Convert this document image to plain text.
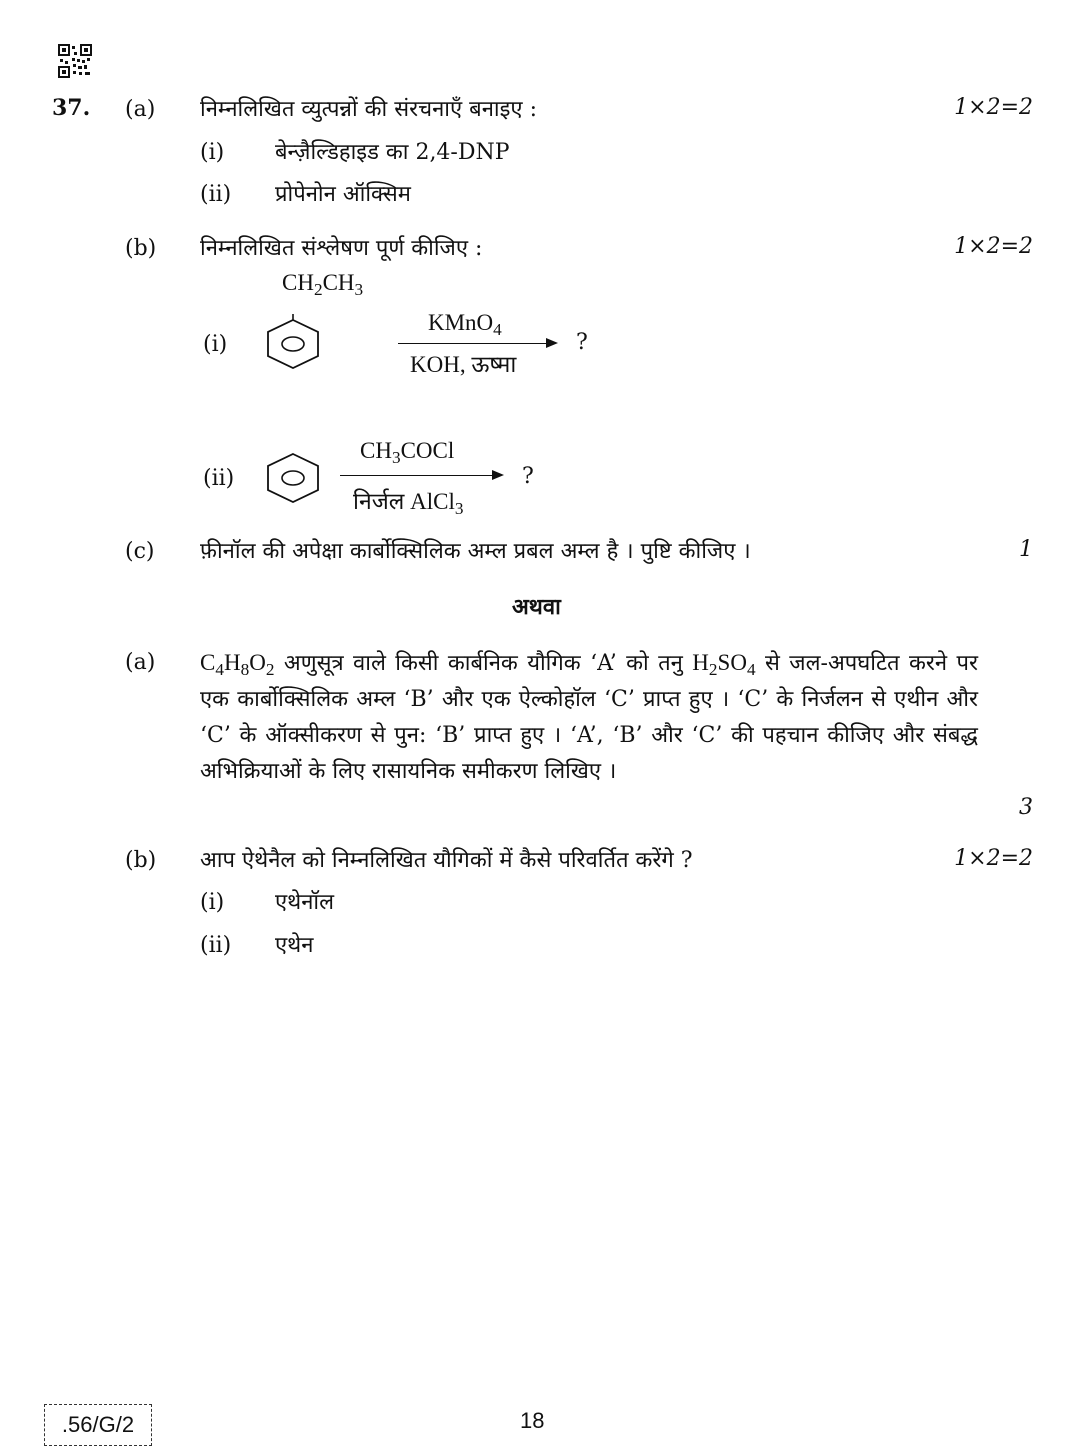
37. (a) निम्नलिखित व्युत्पन्नों की संरचनाएँ बनाइए :	1×2=2
(i) बेन्ज़ैल्डिहाइड का 2,4-DNP
(ii) प्रोपेनोन ऑक्सिम
(b) निम्नलिखित संश्लेषण पूर्ण कीजिए :	1×2=2
$CH_2CH_3$
(i)
KMnO$_4$
KOH, ऊष्मा
?
(ii)
$CH_3COCl$
निर्जल AlCl$_3$
?
(c) फ़ीनॉल की अपेक्षा कार्बोक्सिलिक अम्ल प्रबल अम्ल है । पुष्टि कीजिए ।	1
अथवा
(a) $C_4H_8O_2$ अणुसूत्र वाले किसी कार्बनिक यौगिक ‘A’ को तनु $H_2SO_4$ से जल-अपघटित करने पर एक कार्बोक्सिलिक अम्ल ‘B’ और एक ऐल्कोहॉल ‘C’ प्राप्त हुए । ‘C’ के निर्जलन से एथीन और ‘C’ के ऑक्सीकरण से पुन: ‘B’ प्राप्त हुए । ‘A’, ‘B’ और ‘C’ की पहचान कीजिए और संबद्ध अभिक्रियाओं के लिए रासायनिक समीकरण लिखिए ।
3
(b) आप ऐथेनैल को निम्नलिखित यौगिकों में कैसे परिवर्तित करेंगे ?	1×2=2
(i) एथेनॉल
(ii) एथेन
.56/G/2	18
